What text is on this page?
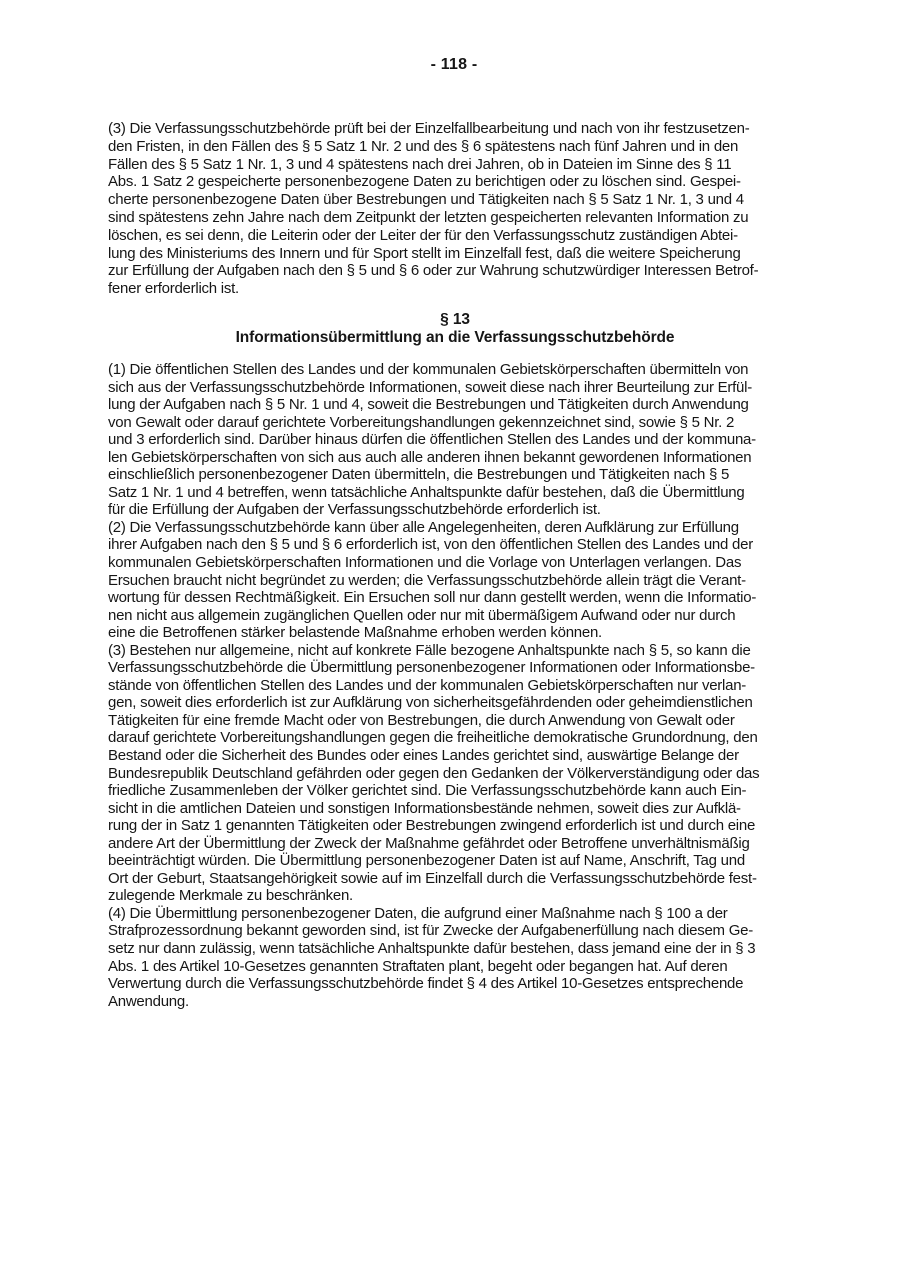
- 118 -
(3) Die Verfassungsschutzbehörde prüft bei der Einzelfallbearbeitung und nach von ihr festzusetzen-
den Fristen, in den Fällen des § 5 Satz 1 Nr. 2 und des § 6 spätestens nach fünf Jahren und in den
Fällen des § 5 Satz 1 Nr. 1, 3 und 4 spätestens nach drei Jahren, ob in Dateien im Sinne des § 11
Abs. 1 Satz 2 gespeicherte personenbezogene Daten zu berichtigen oder zu löschen sind. Gespei-
cherte personenbezogene Daten über Bestrebungen und Tätigkeiten nach § 5 Satz 1 Nr. 1, 3 und 4
sind spätestens zehn Jahre nach dem Zeitpunkt der letzten gespeicherten relevanten Information zu
löschen, es sei denn, die Leiterin oder der Leiter der für den Verfassungsschutz zuständigen Abtei-
lung des Ministeriums des Innern und für Sport stellt im Einzelfall fest, daß die weitere Speicherung
zur Erfüllung der Aufgaben nach den § 5 und § 6 oder zur Wahrung schutzwürdiger Interessen Betrof-
fener erforderlich ist.
§ 13
Informationsübermittlung an die Verfassungsschutzbehörde
(1) Die öffentlichen Stellen des Landes und der kommunalen Gebietskörperschaften übermitteln von
sich aus der Verfassungsschutzbehörde Informationen, soweit diese nach ihrer Beurteilung zur Erfül-
lung der Aufgaben nach § 5 Nr. 1 und 4, soweit die Bestrebungen und Tätigkeiten durch Anwendung
von Gewalt oder darauf gerichtete Vorbereitungshandlungen gekennzeichnet sind, sowie § 5 Nr. 2
und 3 erforderlich sind. Darüber hinaus dürfen die öffentlichen Stellen des Landes und der kommuna-
len Gebietskörperschaften von sich aus auch alle anderen ihnen bekannt gewordenen Informationen
einschließlich personenbezogener Daten übermitteln, die Bestrebungen und Tätigkeiten nach § 5
Satz 1 Nr. 1 und 4 betreffen, wenn tatsächliche Anhaltspunkte dafür bestehen, daß die Übermittlung
für die Erfüllung der Aufgaben der Verfassungsschutzbehörde erforderlich ist.
(2) Die Verfassungsschutzbehörde kann über alle Angelegenheiten, deren Aufklärung zur Erfüllung
ihrer Aufgaben nach den § 5 und § 6 erforderlich ist, von den öffentlichen Stellen des Landes und der
kommunalen Gebietskörperschaften Informationen und die Vorlage von Unterlagen verlangen. Das
Ersuchen braucht nicht begründet zu werden; die Verfassungsschutzbehörde allein trägt die Verant-
wortung für dessen Rechtmäßigkeit. Ein Ersuchen soll nur dann gestellt werden, wenn die Informatio-
nen nicht aus allgemein zugänglichen Quellen oder nur mit übermäßigem Aufwand oder nur durch
eine die Betroffenen stärker belastende Maßnahme erhoben werden können.
(3) Bestehen nur allgemeine, nicht auf konkrete Fälle bezogene Anhaltspunkte nach § 5, so kann die
Verfassungsschutzbehörde die Übermittlung personenbezogener Informationen oder Informationsbe-
stände von öffentlichen Stellen des Landes und der kommunalen Gebietskörperschaften nur verlan-
gen, soweit dies erforderlich ist zur Aufklärung von sicherheitsgefährdenden oder geheimdienstlichen
Tätigkeiten für eine fremde Macht oder von Bestrebungen, die durch Anwendung von Gewalt oder
darauf gerichtete Vorbereitungshandlungen gegen die freiheitliche demokratische Grundordnung, den
Bestand oder die Sicherheit des Bundes oder eines Landes gerichtet sind, auswärtige Belange der
Bundesrepublik Deutschland gefährden oder gegen den Gedanken der Völkerverständigung oder das
friedliche Zusammenleben der Völker gerichtet sind. Die Verfassungsschutzbehörde kann auch Ein-
sicht in die amtlichen Dateien und sonstigen Informationsbestände nehmen, soweit dies zur Aufklä-
rung der in Satz 1 genannten Tätigkeiten oder Bestrebungen zwingend erforderlich ist und durch eine
andere Art der Übermittlung der Zweck der Maßnahme gefährdet oder Betroffene unverhältnismäßig
beeinträchtigt würden. Die Übermittlung personenbezogener Daten ist auf Name, Anschrift, Tag und
Ort der Geburt, Staatsangehörigkeit sowie auf im Einzelfall durch die Verfassungsschutzbehörde fest-
zulegende Merkmale zu beschränken.
(4) Die Übermittlung personenbezogener Daten, die aufgrund einer Maßnahme nach § 100 a der
Strafprozessordnung bekannt geworden sind, ist für Zwecke der Aufgabenerfüllung nach diesem Ge-
setz nur dann zulässig, wenn tatsächliche Anhaltspunkte dafür bestehen, dass jemand eine der in § 3
Abs. 1 des Artikel 10-Gesetzes genannten Straftaten plant, begeht oder begangen hat. Auf deren
Verwertung durch die Verfassungsschutzbehörde findet § 4 des Artikel 10-Gesetzes entsprechende
Anwendung.
